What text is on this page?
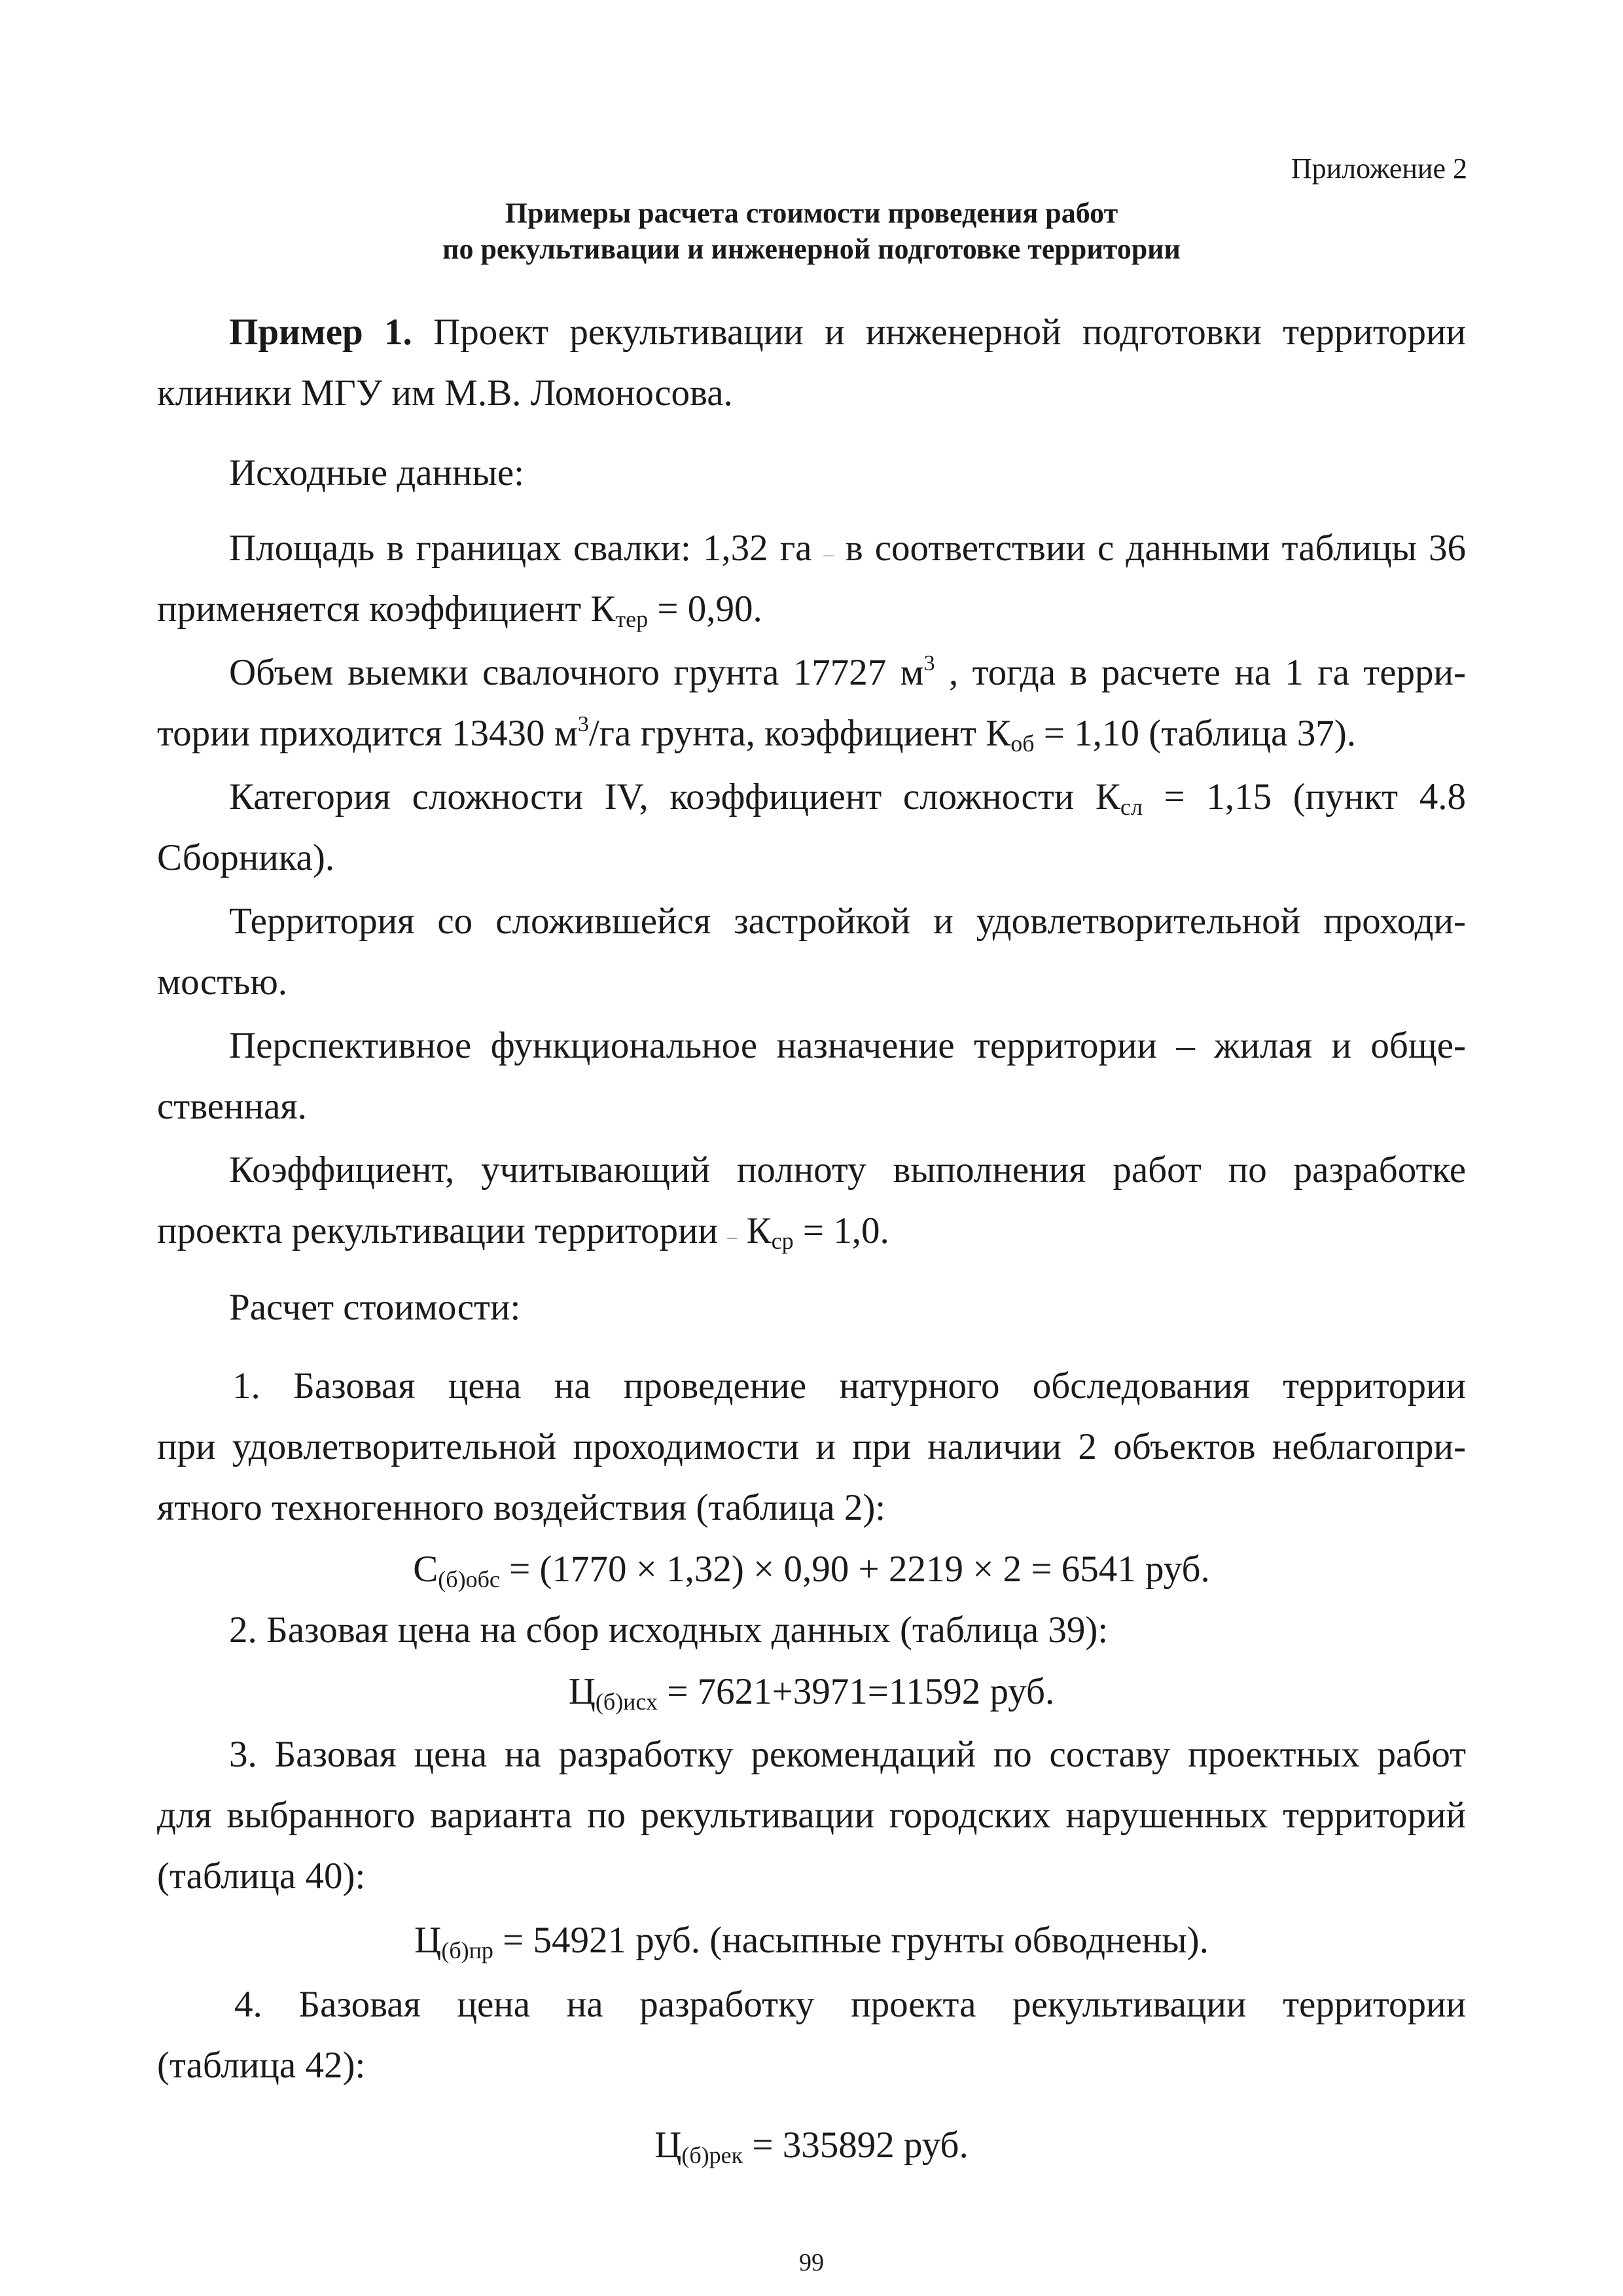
Приложение 2
Примеры расчета стоимости проведения работ
по рекультивации и инженерной подготовке территории
Пример 1. Проект рекультивации и инженерной подготовки территории
клиники МГУ им М.В. Ломоносова.
Исходные данные:
Площадь в границах свалки: 1,32 га – в соответствии с данными таблицы 36
применяется коэффициент $К_{тер} = 0,90$.
Объем выемки свалочного грунта 17727 $м^3$ , тогда в расчете на 1 га терри-
тории приходится 13430 $м^3/га$ грунта, коэффициент $К_{об} = 1,10$ (таблица 37).
Категория сложности IV, коэффициент сложности $К_{сл} = 1,15$ (пункт 4.8
Сборника).
Территория со сложившейся застройкой и удовлетворительной проходи-
мостью.
Перспективное функциональное назначение территории – жилая и обще-
ственная.
Коэффициент, учитывающий полноту выполнения работ по разработке
проекта рекультивации территории – $К_{ср} = 1,0$.
Расчет стоимости:
1. Базовая цена на проведение натурного обследования территории
при удовлетворительной проходимости и при наличии 2 объектов неблагопри-
ятного техногенного воздействия (таблица 2):
$С_{(б)обс} = (1770 \times 1,32) \times 0,90 + 2219 \times 2 = 6541$ руб.
2. Базовая цена на сбор исходных данных (таблица 39):
$Ц_{(б)исх} = 7621+3971=11592$ руб.
3. Базовая цена на разработку рекомендаций по составу проектных работ
для выбранного варианта по рекультивации городских нарушенных территорий
(таблица 40):
$Ц_{(б)пр} = 54921$ руб. (насыпные грунты обводнены).
4. Базовая цена на разработку проекта рекультивации территории
(таблица 42):
$Ц_{(б)рек} = 335892$ руб.
99
